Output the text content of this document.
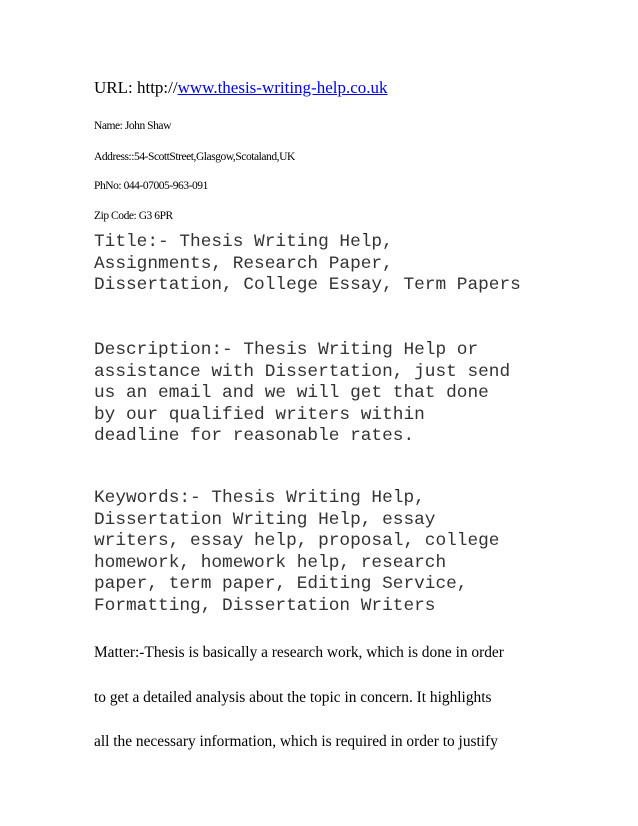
URL: http://www.thesis-writing-help.co.uk
Name: John Shaw
Address::54-ScottStreet,Glasgow,Scotaland,UK
PhNo: 044-07005-963-091
Zip Code: G3 6PR
Title:- Thesis Writing Help,
Assignments, Research Paper,
Dissertation, College Essay, Term Papers
Description:- Thesis Writing Help or
assistance with Dissertation, just send
us an email and we will get that done
by our qualified writers within
deadline for reasonable rates.
Keywords:- Thesis Writing Help,
Dissertation Writing Help, essay
writers, essay help, proposal, college
homework, homework help, research
paper, term paper, Editing Service,
Formatting, Dissertation Writers
Matter:-Thesis is basically a research work, which is done in order
to get a detailed analysis about the topic in concern. It highlights
all the necessary information, which is required in order to justify
